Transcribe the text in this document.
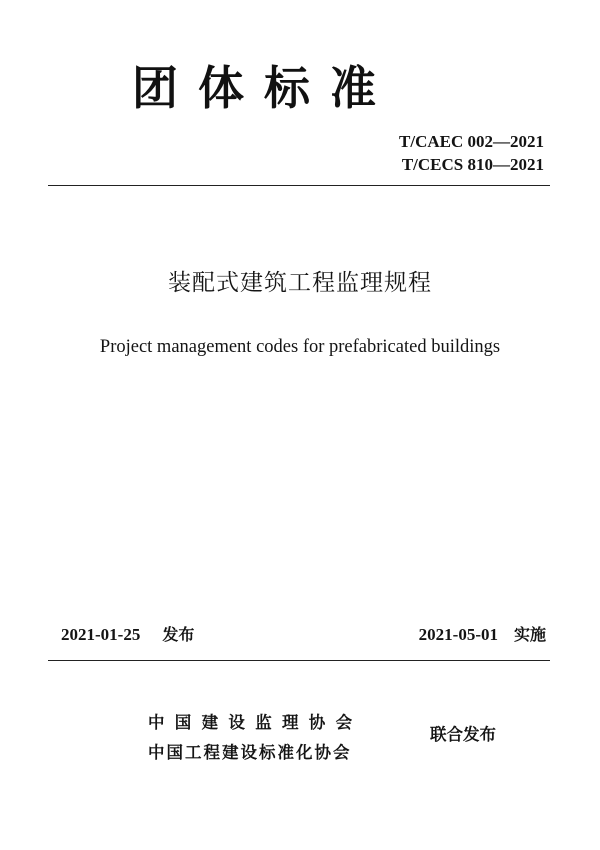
团体标准
T/CAEC 002—2021
T/CECS 810—2021
装配式建筑工程监理规程
Project management codes for prefabricated buildings
2021-01-25 发布	2021-05-01 实施
中国建设监理协会
中国工程建设标准化协会
联合发布
